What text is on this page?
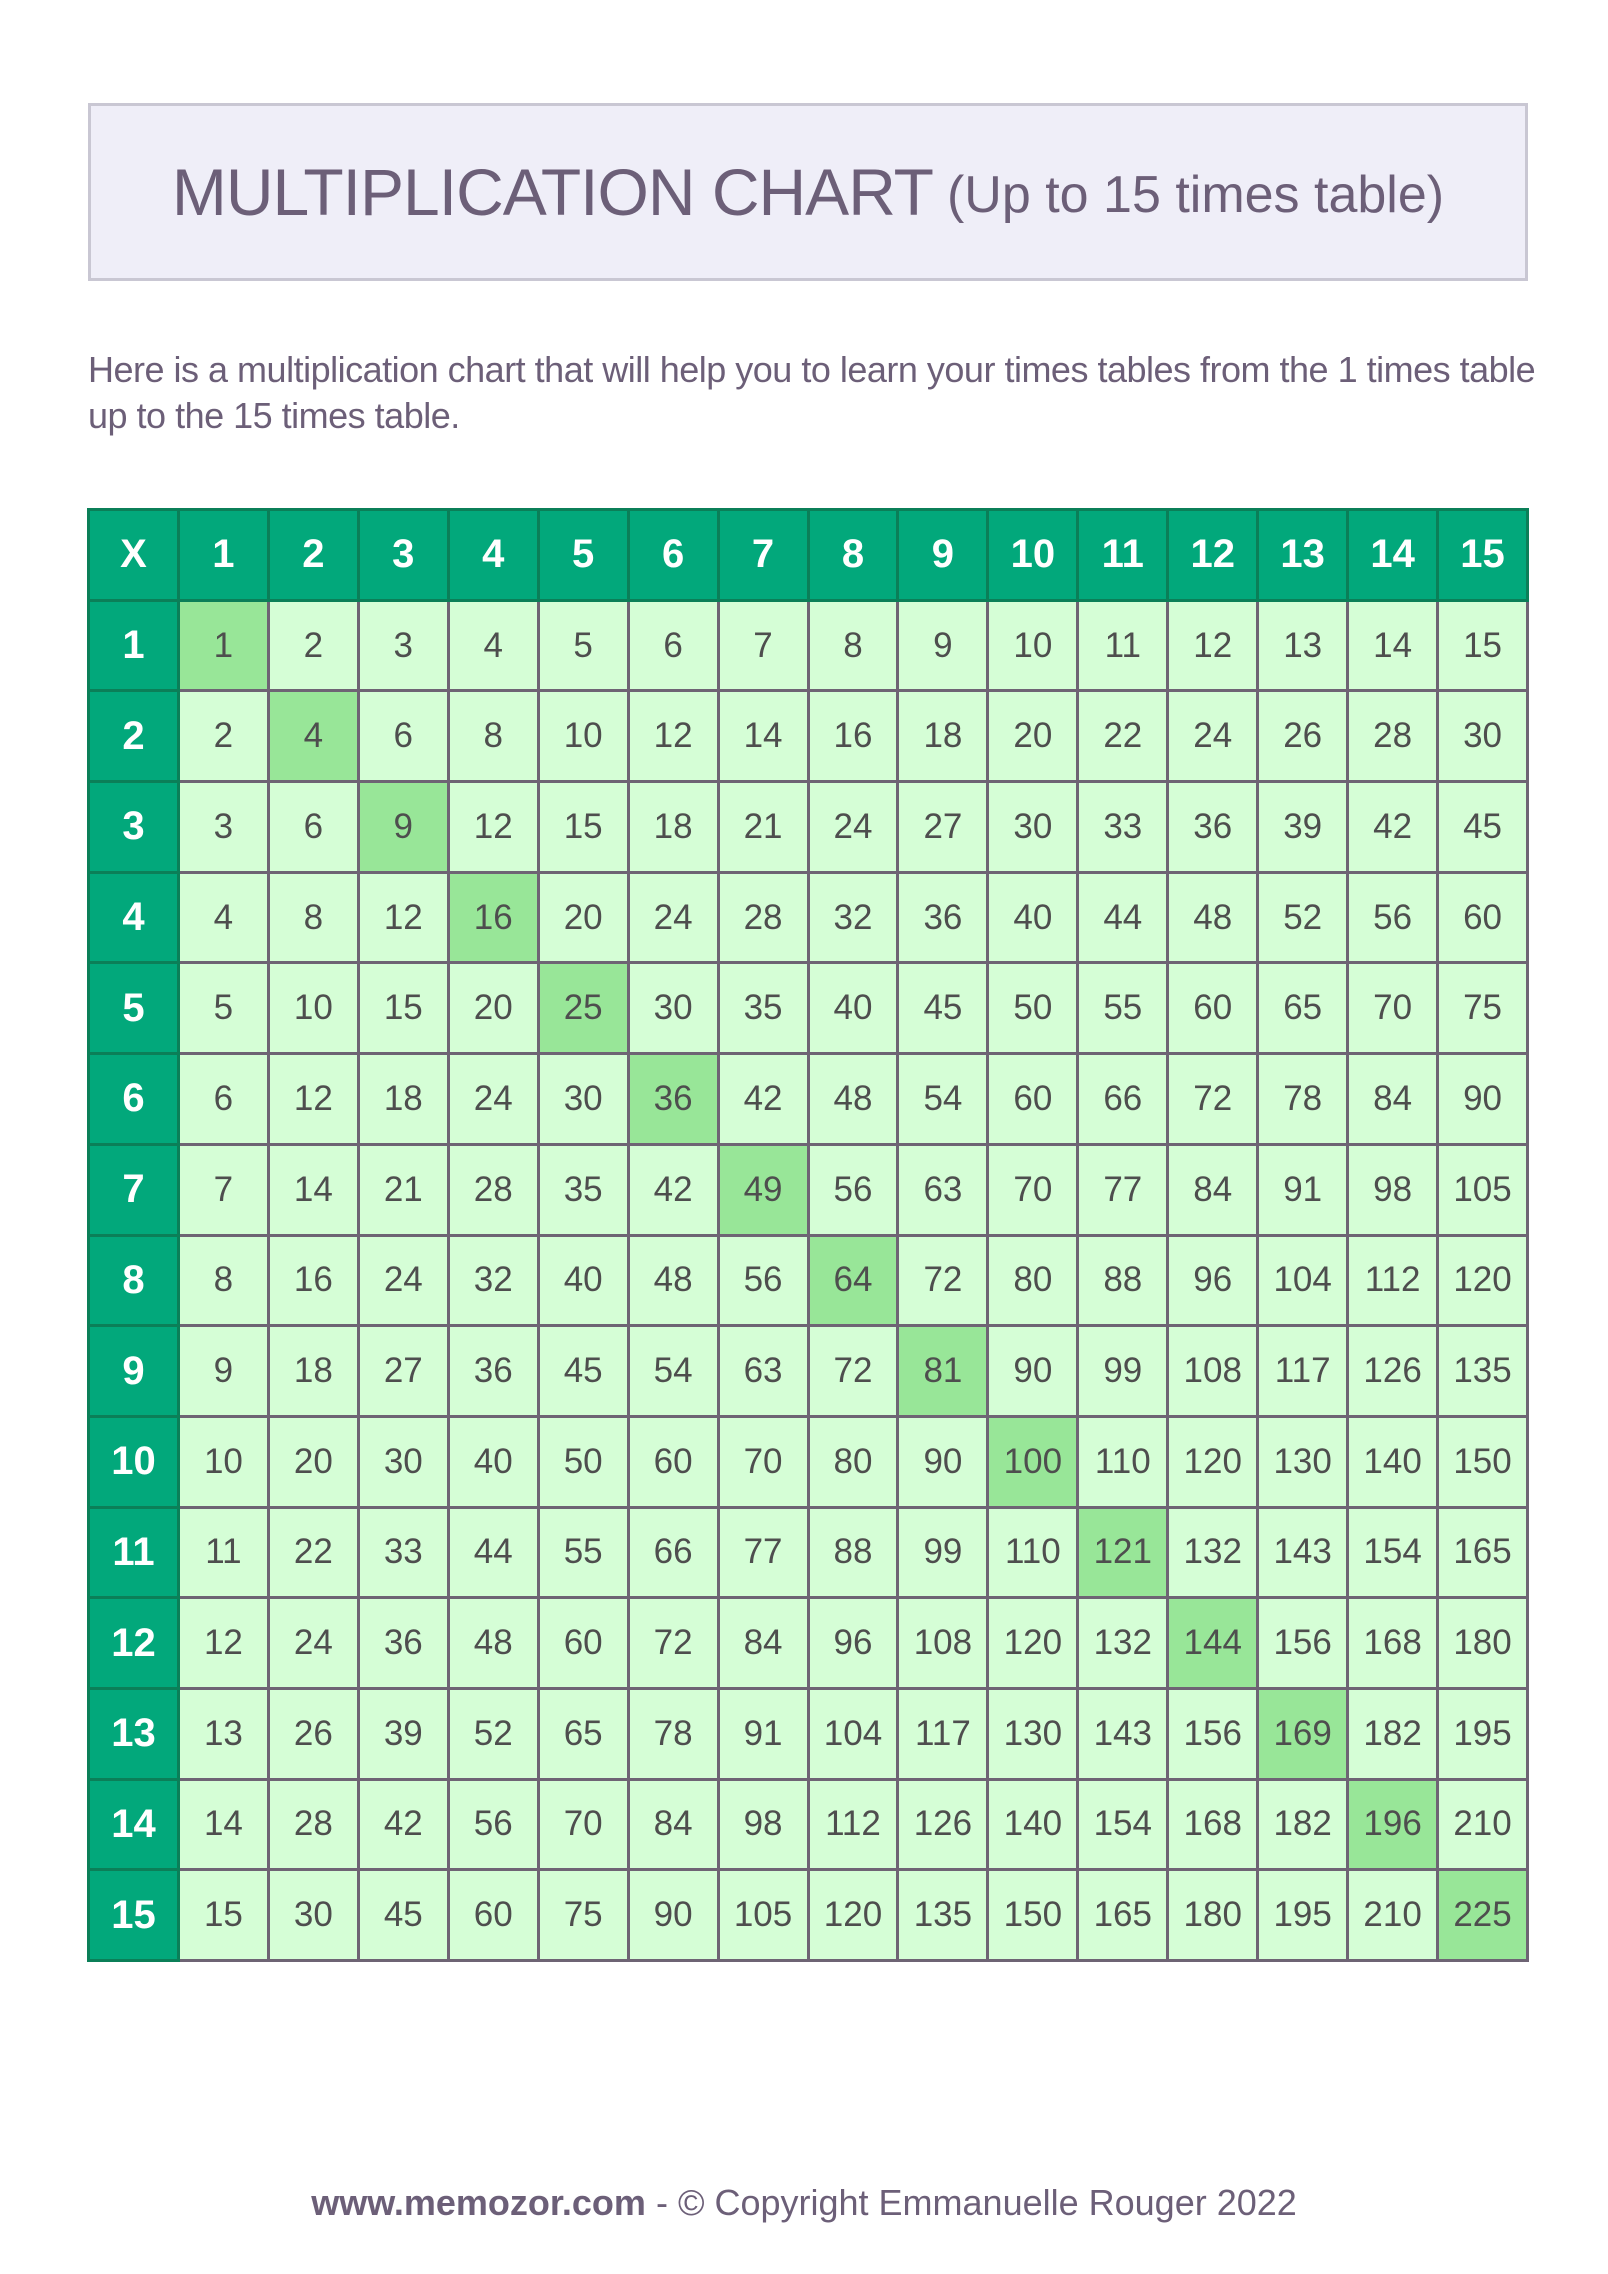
MULTIPLICATION CHART (Up to 15 times table)

Here is a multiplication chart that will help you to learn your times tables from the 1 times table up to the 15 times table.

X	1	2	3	4	5	6	7	8	9	10	11	12	13	14	15
1	1	2	3	4	5	6	7	8	9	10	11	12	13	14	15
2	2	4	6	8	10	12	14	16	18	20	22	24	26	28	30
3	3	6	9	12	15	18	21	24	27	30	33	36	39	42	45
4	4	8	12	16	20	24	28	32	36	40	44	48	52	56	60
5	5	10	15	20	25	30	35	40	45	50	55	60	65	70	75
6	6	12	18	24	30	36	42	48	54	60	66	72	78	84	90
7	7	14	21	28	35	42	49	56	63	70	77	84	91	98	105
8	8	16	24	32	40	48	56	64	72	80	88	96	104	112	120
9	9	18	27	36	45	54	63	72	81	90	99	108	117	126	135
10	10	20	30	40	50	60	70	80	90	100	110	120	130	140	150
11	11	22	33	44	55	66	77	88	99	110	121	132	143	154	165
12	12	24	36	48	60	72	84	96	108	120	132	144	156	168	180
13	13	26	39	52	65	78	91	104	117	130	143	156	169	182	195
14	14	28	42	56	70	84	98	112	126	140	154	168	182	196	210
15	15	30	45	60	75	90	105	120	135	150	165	180	195	210	225
www.memozor.com - © Copyright Emmanuelle Rouger 2022
